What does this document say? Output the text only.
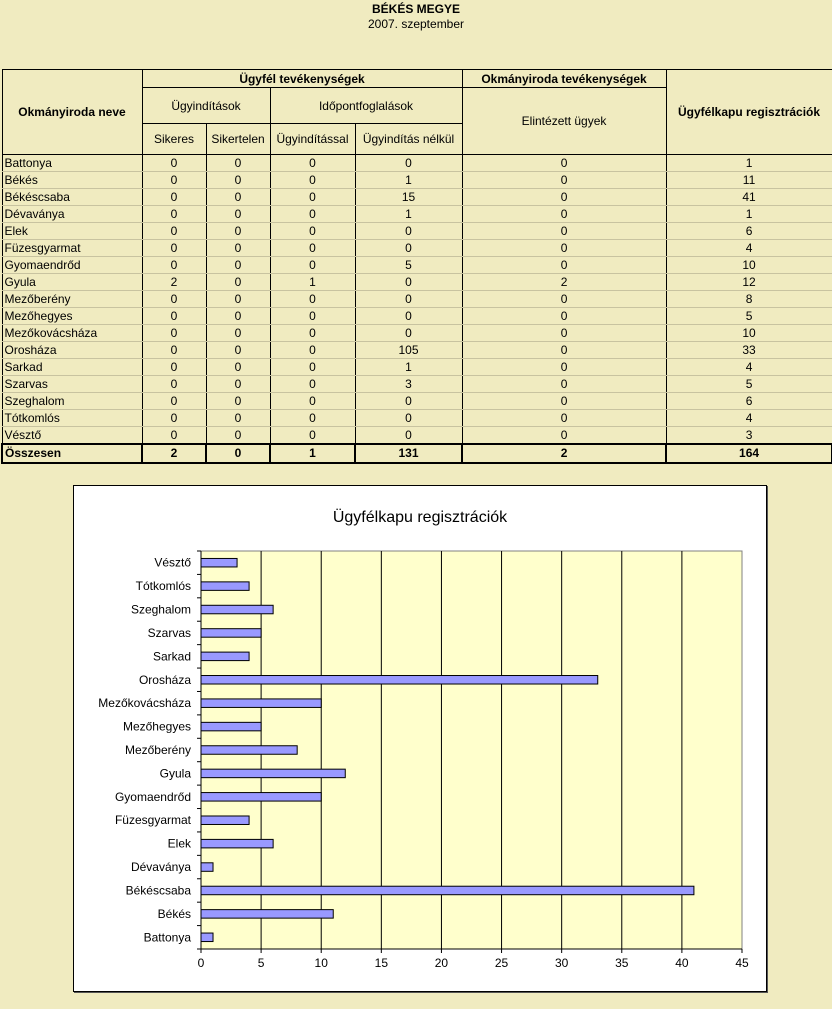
BÉKÉS MEGYE
2007. szeptember
Okmányiroda neve	Ügyfél tevékenységek				Okmányiroda tevékenységek	Ügyfélkapu regisztrációk
	Ügyindítások		Időpontfoglalások		Elintézett ügyek	
	Sikeres	Sikertelen	Ügyindítással	Ügyindítás nélkül		
Battonya	0	0	0	0	0	1
Békés	0	0	0	1	0	11
Békéscsaba	0	0	0	15	0	41
Dévaványa	0	0	0	1	0	1
Elek	0	0	0	0	0	6
Füzesgyarmat	0	0	0	0	0	4
Gyomaendrőd	0	0	0	5	0	10
Gyula	2	0	1	0	2	12
Mezőberény	0	0	0	0	0	8
Mezőhegyes	0	0	0	0	0	5
Mezőkovácsháza	0	0	0	0	0	10
Orosháza	0	0	0	105	0	33
Sarkad	0	0	0	1	0	4
Szarvas	0	0	0	3	0	5
Szeghalom	0	0	0	0	0	6
Tótkomlós	0	0	0	0	0	4
Vésztő	0	0	0	0	0	3
Összesen	2	0	1	131	2	164
Ügyfélkapu regisztrációk
0	5	10	15	20	25	30	35	40	45
Battonya
Békés
Békéscsaba
Dévaványa
Elek
Füzesgyarmat
Gyomaendrőd
Gyula
Mezőberény
Mezőhegyes
Mezőkovácsháza
Orosháza
Sarkad
Szarvas
Szeghalom
Tótkomlós
Vésztő
